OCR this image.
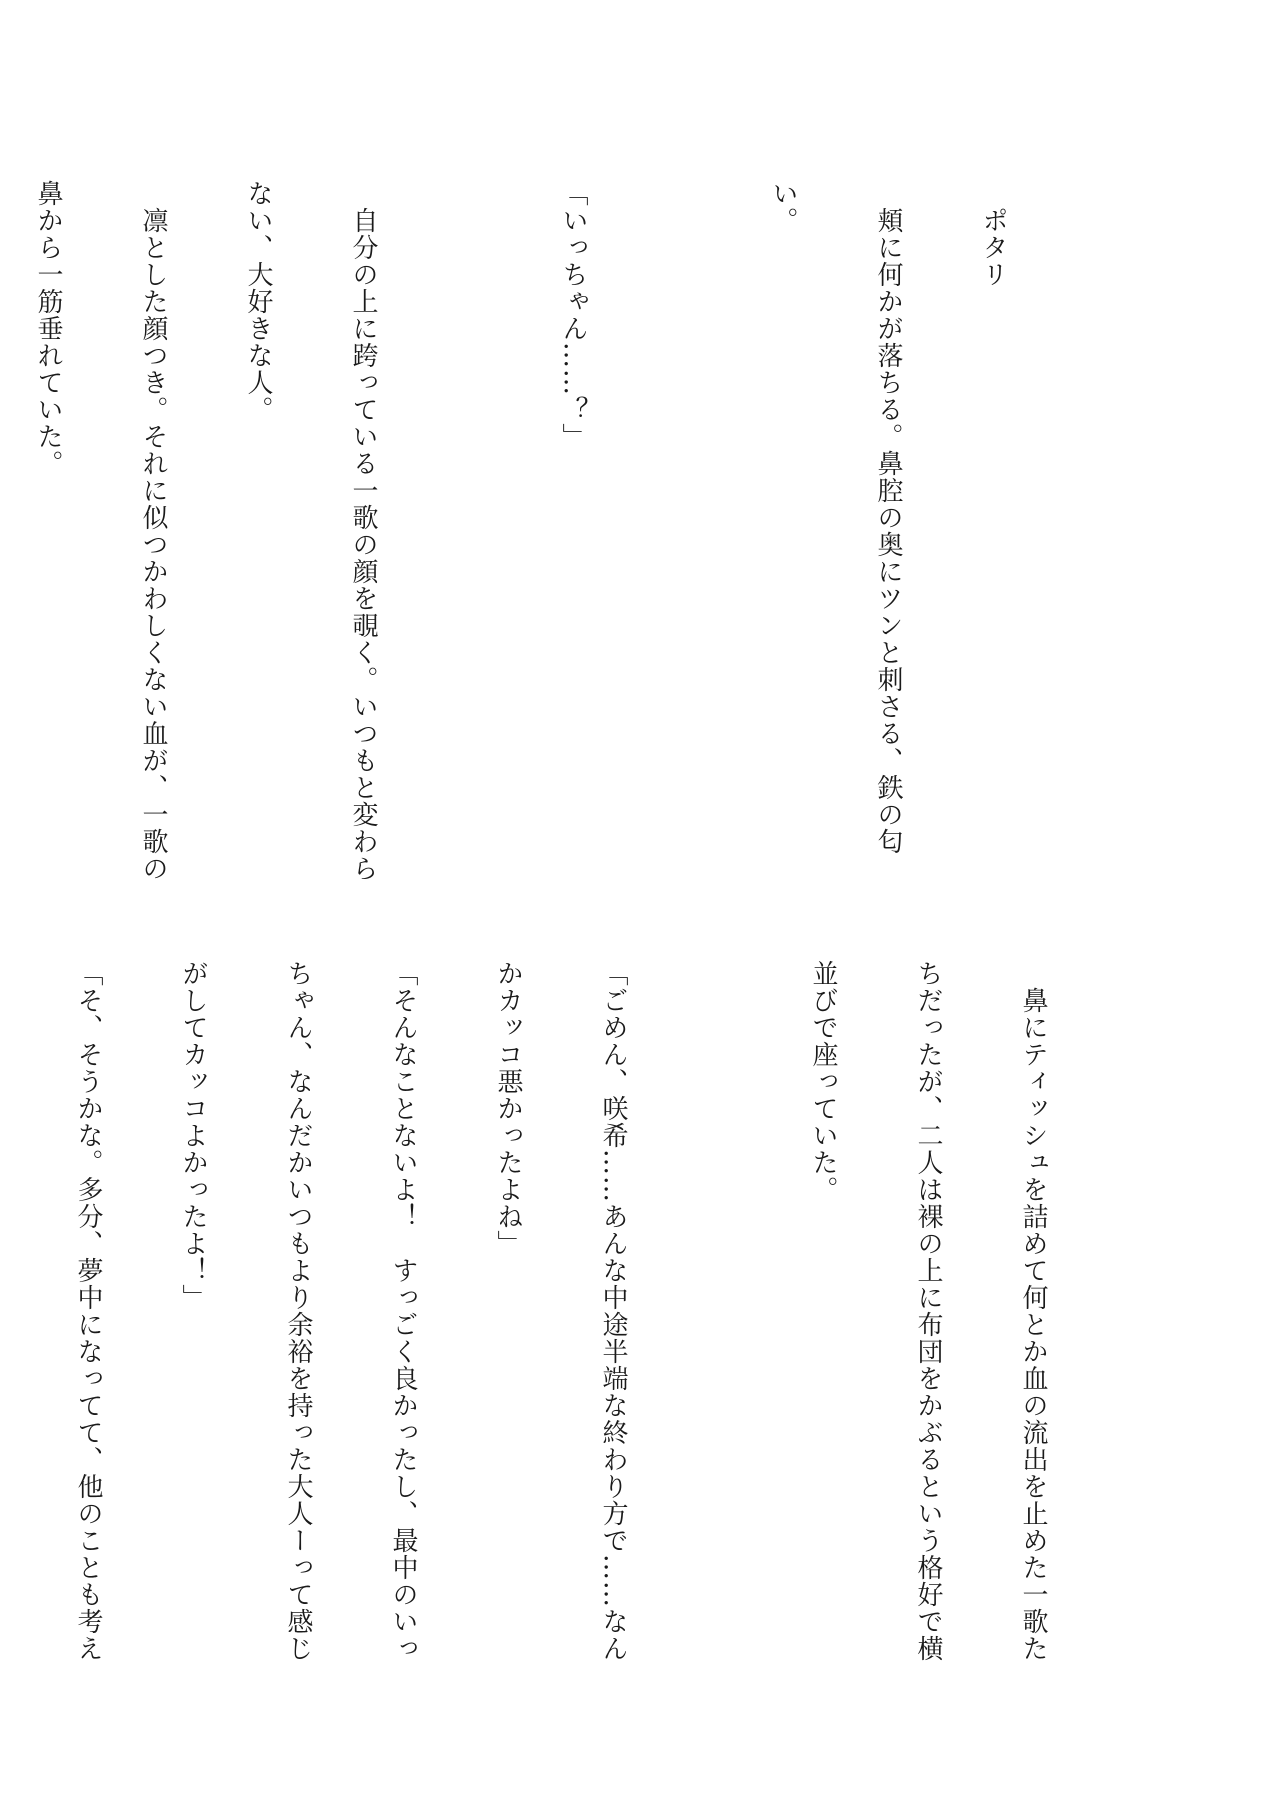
　ポタリ

　頬に何かが落ちる。鼻腔の奥にツンと刺さる、鉄の匂

い。

「いっちゃん……？」

　自分の上に跨っている一歌の顔を覗く。いつもと変わら

ない、大好きな人。

　凛とした顔つき。それに似つかわしくない血が、一歌の

鼻から一筋垂れていた。

　鼻にティッシュを詰めて何とか血の流出を止めた一歌た

ちだったが、二人は裸の上に布団をかぶるという格好で横

並びで座っていた。

「ごめん、咲希……あんな中途半端な終わり方で……なん

かカッコ悪かったよね」

「そんなことないよ！　すっごく良かったし、最中のいっ

ちゃん、なんだかいつもより余裕を持った大人ーって感じ

がしてカッコよかったよ！」

「そ、そうかな。多分、夢中になってて、他のことも考え
